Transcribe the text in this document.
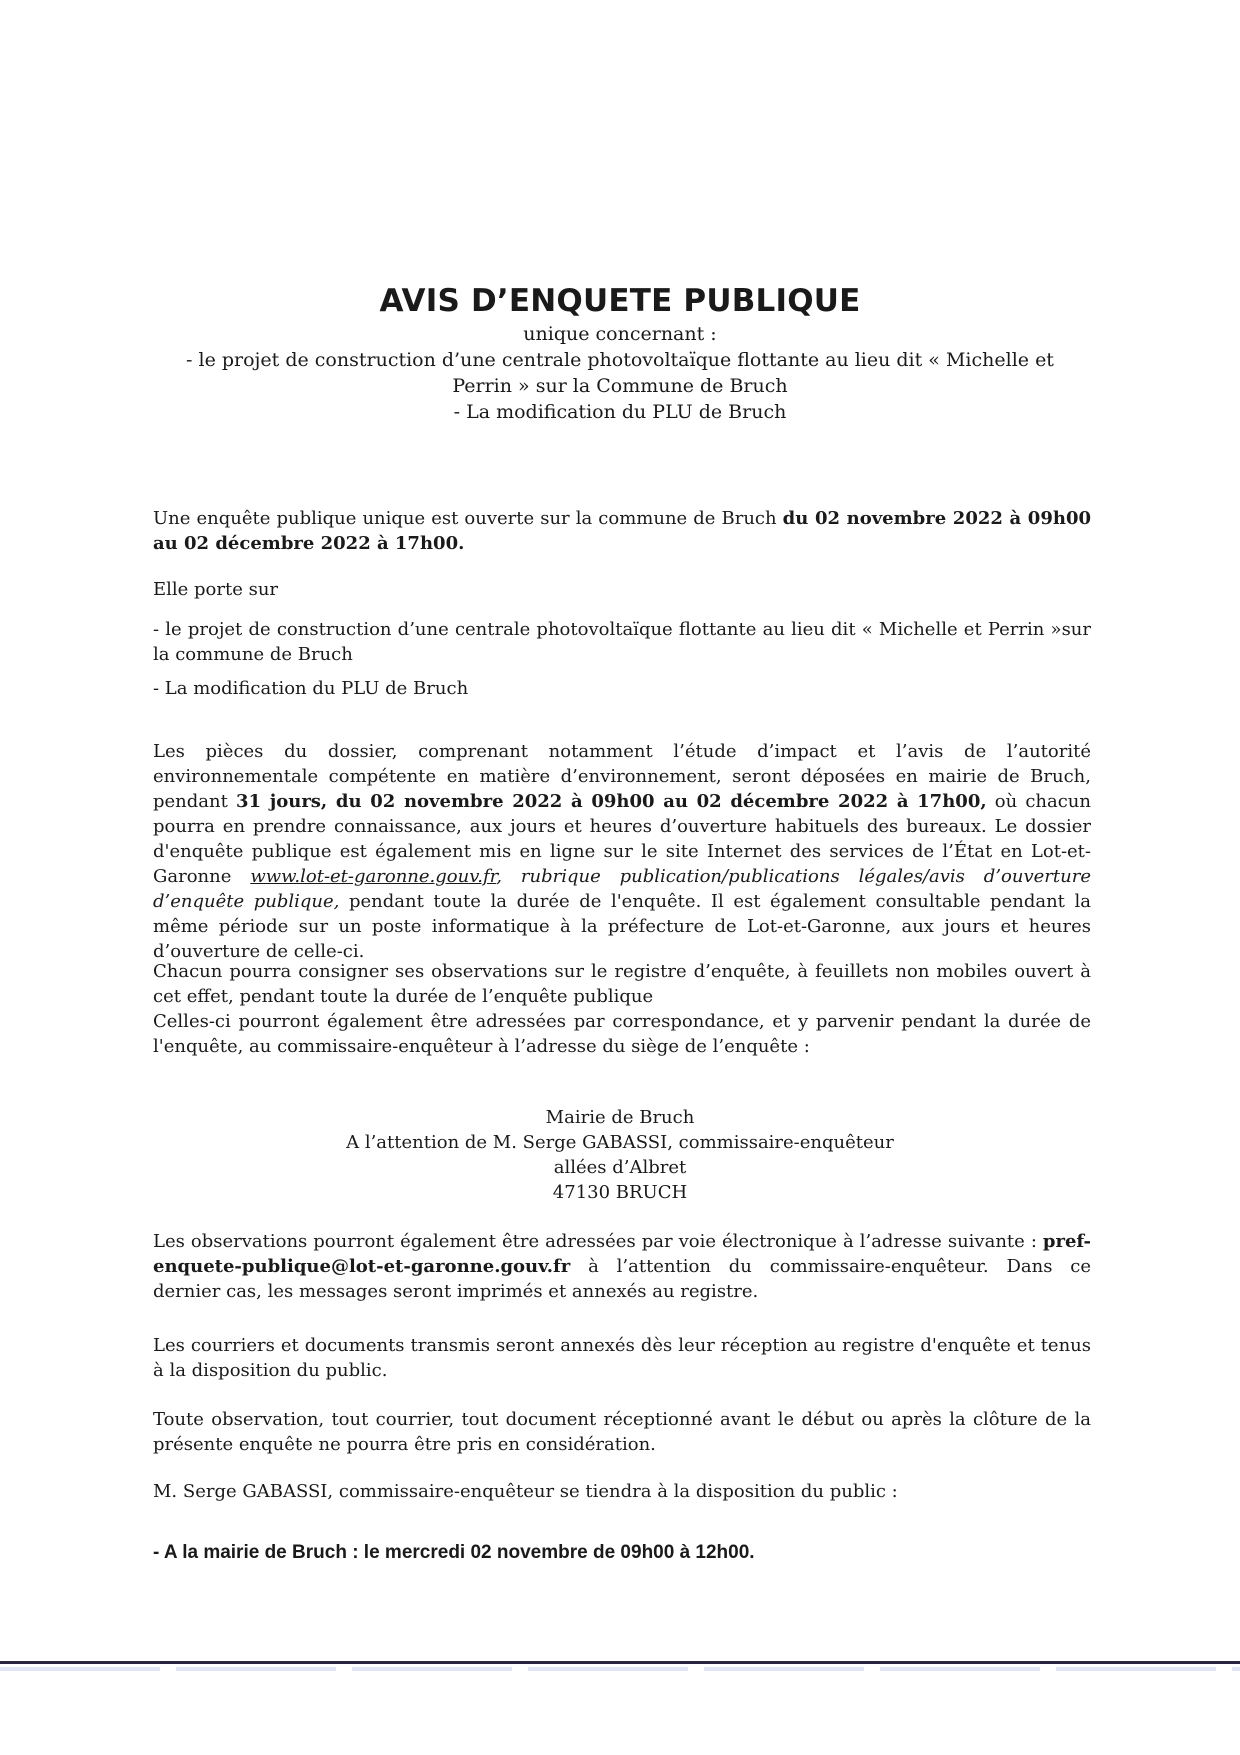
AVIS D’ENQUETE PUBLIQUE
unique concernant :
- le projet de construction d’une centrale photovoltaïque flottante au lieu dit « Michelle et
Perrin » sur la Commune de Bruch
- La modification du PLU de Bruch

Une enquête publique unique est ouverte sur la commune de Bruch du 02 novembre 2022 à 09h00 au 02 décembre 2022 à 17h00.

Elle porte sur
- le projet de construction d’une centrale photovoltaïque flottante au lieu dit « Michelle et Perrin »sur la commune de Bruch
- La modification du PLU de Bruch

Les pièces du dossier, comprenant notamment l’étude d’impact et l’avis de l’autorité environnementale compétente en matière d’environnement, seront déposées en mairie de Bruch, pendant 31 jours, du 02 novembre 2022 à 09h00 au 02 décembre 2022 à 17h00, où chacun pourra en prendre connaissance, aux jours et heures d’ouverture habituels des bureaux. Le dossier d'enquête publique est également mis en ligne sur le site Internet des services de l’État en Lot-et-Garonne www.lot-et-garonne.gouv.fr, rubrique publication/publications légales/avis d’ouverture d’enquête publique, pendant toute la durée de l'enquête. Il est également consultable pendant la même période sur un poste informatique à la préfecture de Lot-et-Garonne, aux jours et heures d’ouverture de celle-ci.

Chacun pourra consigner ses observations sur le registre d’enquête, à feuillets non mobiles ouvert à cet effet, pendant toute la durée de l’enquête publique

Celles-ci pourront également être adressées par correspondance, et y parvenir pendant la durée de l'enquête, au commissaire-enquêteur à l’adresse du siège de l’enquête :

Mairie de Bruch
A l’attention de M. Serge GABASSI, commissaire-enquêteur
allées d’Albret
47130 BRUCH

Les observations pourront également être adressées par voie électronique à l’adresse suivante : pref-enquete-publique@lot-et-garonne.gouv.fr à l’attention du commissaire-enquêteur. Dans ce dernier cas, les messages seront imprimés et annexés au registre.

Les courriers et documents transmis seront annexés dès leur réception au registre d'enquête et tenus à la disposition du public.
Toute observation, tout courrier, tout document réceptionné avant le début ou après la clôture de la présente enquête ne pourra être pris en considération.
M. Serge GABASSI, commissaire-enquêteur se tiendra à la disposition du public :
- A la mairie de Bruch : le mercredi 02 novembre de 09h00 à 12h00.
